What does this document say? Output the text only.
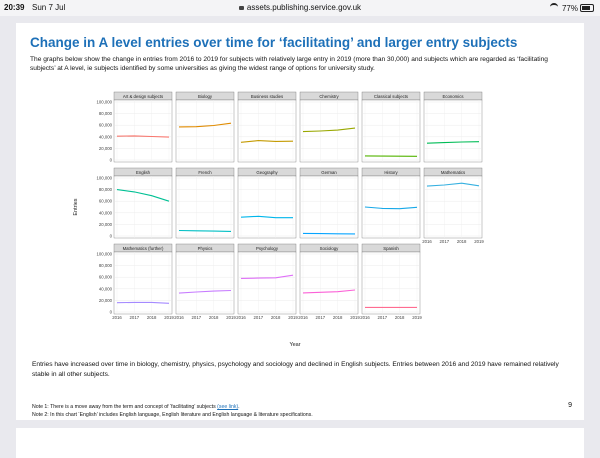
20:39 Sun 7 Jul	assets.publishing.service.gov.uk	77%
Change in A level entries over time for ‘facilitating’ and larger entry subjects
The graphs below show the change in entries from 2016 to 2019 for subjects with relatively large entry in 2019 (more than 30,000) and subjects which are regarded as ‘facilitating subjects’ at A level, ie subjects identified by some universities as giving the widest range of options for university study.
Art & design subjects
0
20,000
40,000
60,000
80,000
100,000
Biology	Business studies	Chemistry	Classical subjects	Economics
English
0
20,000
40,000
60,000
80,000
100,000
French	Geography	German	History	Mathematics
Mathematics (further)
0
20,000
40,000
60,000
80,000
100,000
Physics	Psychology	Sociology	Spanish
2016 2017 2018 2019 2016 2017 2018 2019 2016 2017 2018 2019 2016 2017 2018 2019 2016 2017 2018 2019
2016 2017 2018 2019
Year
Entries
Entries have increased over time in biology, chemistry, physics, psychology and sociology and declined in English subjects. Entries between 2016 and 2019 have remained relatively stable in all other subjects.
Note 1: There is a move away from the term and concept of ‘facilitating’ subjects (see link).
Note 2: In this chart ‘English’ includes English language, English literature and English language & literature specifications.
9
